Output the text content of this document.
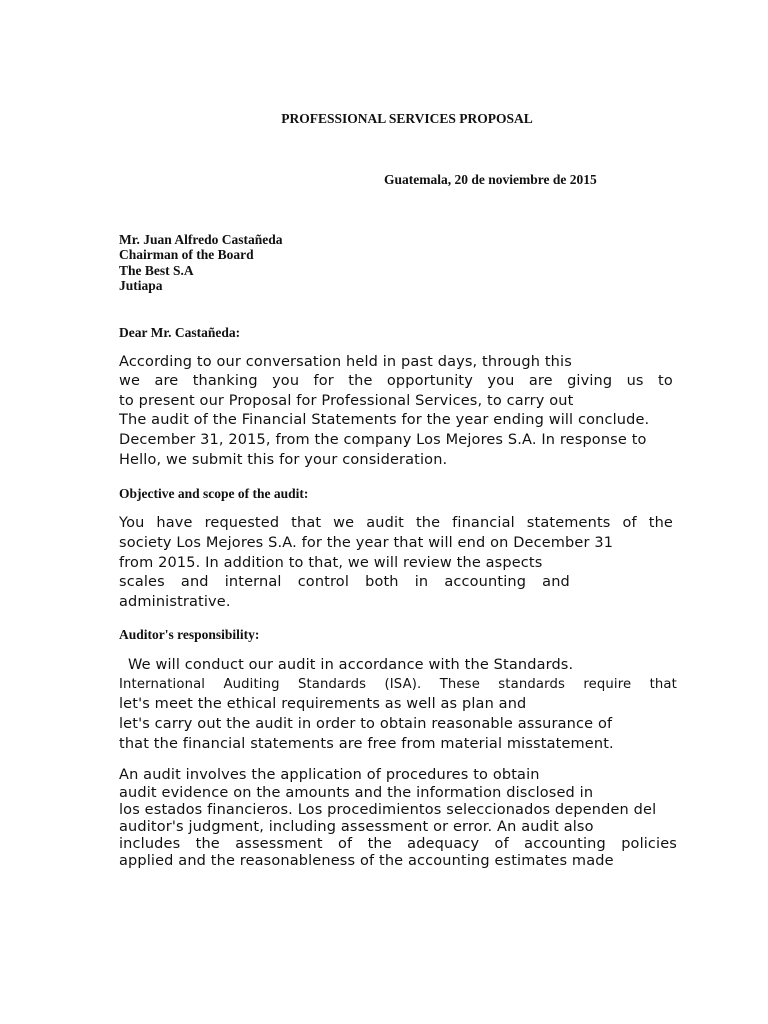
PROFESSIONAL SERVICES PROPOSAL
Guatemala, 20 de noviembre de 2015
Mr. Juan Alfredo Castañeda
Chairman of the Board
The Best S.A
Jutiapa
Dear Mr. Castañeda:
According to our conversation held in past days, through this
we are thanking you for the opportunity you are giving us to
to present our Proposal for Professional Services, to carry out
The audit of the Financial Statements for the year ending will conclude.
December 31, 2015, from the company Los Mejores S.A. In response to
Hello, we submit this for your consideration.
Objective and scope of the audit:
You have requested that we audit the financial statements of the
society Los Mejores S.A. for the year that will end on December 31
from 2015. In addition to that, we will review the aspects
scales and internal control both in accounting and
administrative.
Auditor's responsibility:
We will conduct our audit in accordance with the Standards.
International Auditing Standards (ISA). These standards require that
let's meet the ethical requirements as well as plan and
let's carry out the audit in order to obtain reasonable assurance of
that the financial statements are free from material misstatement.
An audit involves the application of procedures to obtain
audit evidence on the amounts and the information disclosed in
los estados financieros. Los procedimientos seleccionados dependen del
auditor's judgment, including assessment or error. An audit also
includes the assessment of the adequacy of accounting policies
applied and the reasonableness of the accounting estimates made
